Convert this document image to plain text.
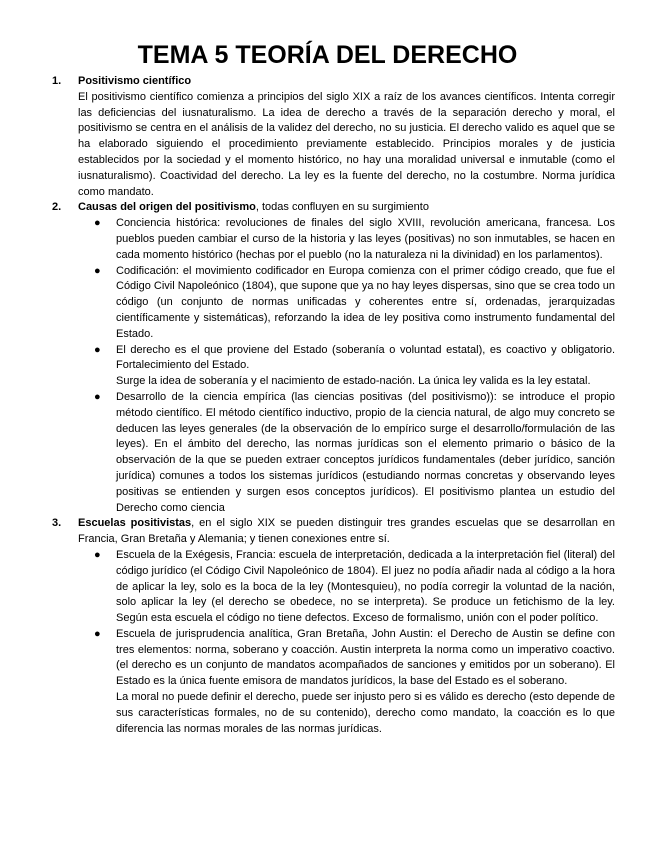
TEMA 5 TEORÍA DEL DERECHO
1.	Positivismo científico
El positivismo científico comienza a principios del siglo XIX a raíz de los avances científicos. Intenta corregir las deficiencias del iusnaturalismo. La idea de derecho a través de la separación derecho y moral, el positivismo se centra en el análisis de la validez del derecho, no su justicia. El derecho valido es aquel que se ha elaborado siguiendo el procedimiento previamente establecido. Principios morales y de justicia establecidos por la sociedad y el momento histórico, no hay una moralidad universal e inmutable (como el iusnaturalismo). Coactividad del derecho. La ley es la fuente del derecho, no la costumbre. Norma jurídica como mandato.
2.	Causas del origen del positivismo, todas confluyen en su surgimiento
● Conciencia histórica: revoluciones de finales del siglo XVIII, revolución americana, francesa. Los pueblos pueden cambiar el curso de la historia y las leyes (positivas) no son inmutables, se hacen en cada momento histórico (hechas por el pueblo (no la naturaleza ni la divinidad) en los parlamentos).
● Codificación: el movimiento codificador en Europa comienza con el primer código creado, que fue el Código Civil Napoleónico (1804), que supone que ya no hay leyes dispersas, sino que se crea todo un código (un conjunto de normas unificadas y coherentes entre sí, ordenadas, jerarquizadas científicamente y sistemáticas), reforzando la idea de ley positiva como instrumento fundamental del Estado.
● El derecho es el que proviene del Estado (soberanía o voluntad estatal), es coactivo y obligatorio. Fortalecimiento del Estado.
Surge la idea de soberanía y el nacimiento de estado-nación. La única ley valida es la ley estatal.
● Desarrollo de la ciencia empírica (las ciencias positivas (del positivismo)): se introduce el propio método científico. El método científico inductivo, propio de la ciencia natural, de algo muy concreto se deducen las leyes generales (de la observación de lo empírico surge el desarrollo/formulación de las leyes). En el ámbito del derecho, las normas jurídicas son el elemento primario o básico de la observación de la que se pueden extraer conceptos jurídicos fundamentales (deber jurídico, sanción jurídica) comunes a todos los sistemas jurídicos (estudiando normas concretas y observando leyes positivas se entienden y surgen esos conceptos jurídicos). El positivismo plantea un estudio del Derecho como ciencia
3.	Escuelas positivistas, en el siglo XIX se pueden distinguir tres grandes escuelas que se desarrollan en Francia, Gran Bretaña y Alemania; y tienen conexiones entre sí.
● Escuela de la Exégesis, Francia: escuela de interpretación, dedicada a la interpretación fiel (literal) del código jurídico (el Código Civil Napoleónico de 1804). El juez no podía añadir nada al código a la hora de aplicar la ley, solo es la boca de la ley (Montesquieu), no podía corregir la voluntad de la nación, solo aplicar la ley (el derecho se obedece, no se interpreta). Se produce un fetichismo de la ley. Según esta escuela el código no tiene defectos. Exceso de formalismo, unión con el poder político.
● Escuela de jurisprudencia analítica, Gran Bretaña, John Austin: el Derecho de Austin se define con tres elementos: norma, soberano y coacción. Austin interpreta la norma como un imperativo coactivo. (el derecho es un conjunto de mandatos acompañados de sanciones y emitidos por un soberano). El Estado es la única fuente emisora de mandatos jurídicos, la base del Estado es el soberano.
La moral no puede definir el derecho, puede ser injusto pero si es válido es derecho (esto depende de sus características formales, no de su contenido), derecho como mandato, la coacción es lo que diferencia las normas morales de las normas jurídicas.
